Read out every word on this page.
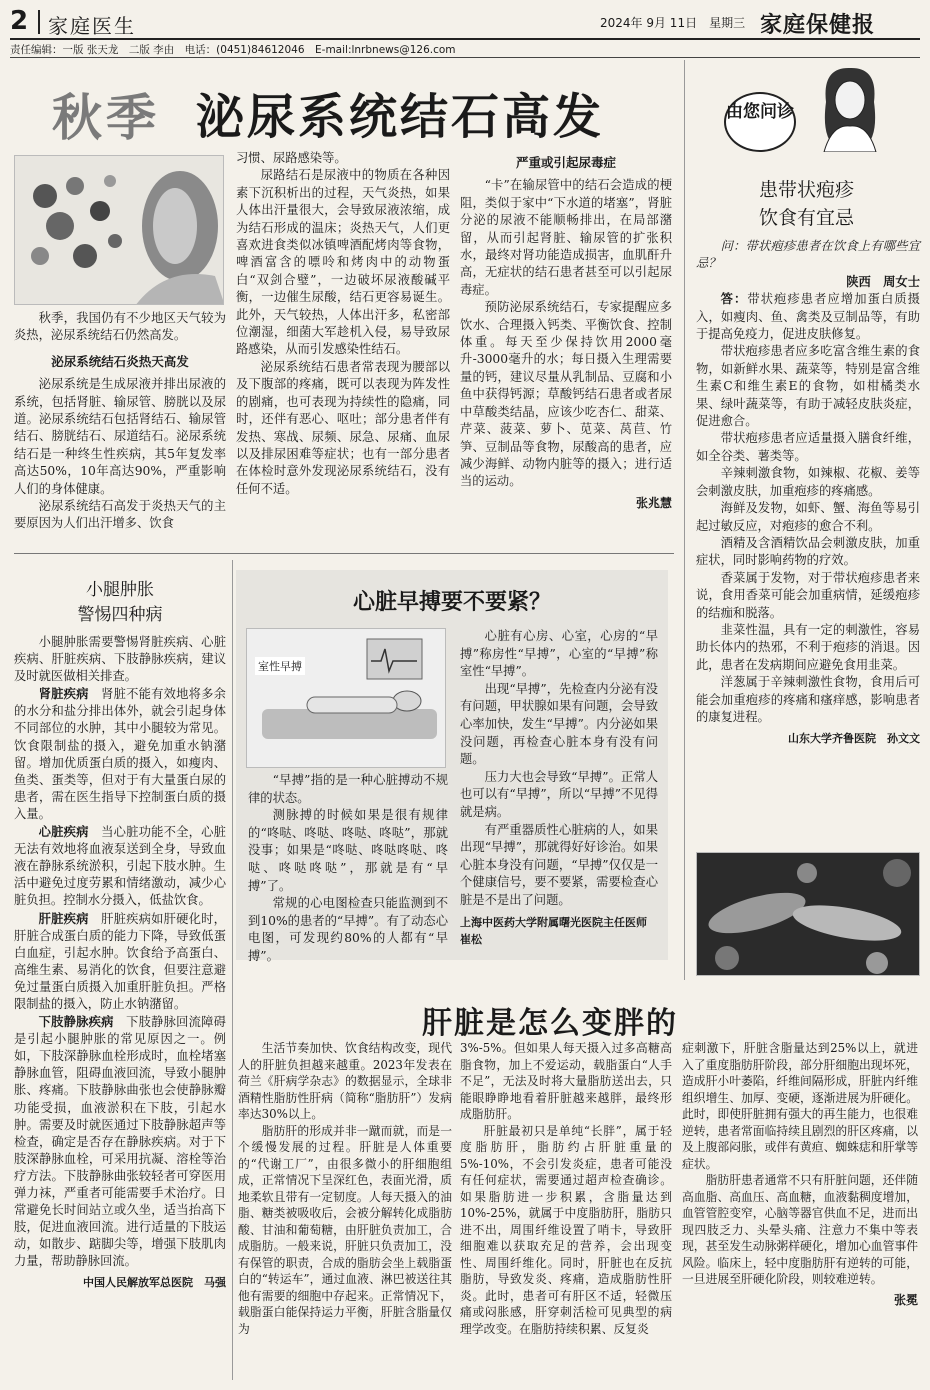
2 家庭医生	2024年 9月 11日　星期三 家庭保健报
责任编辑：一版 张天龙　二版 李由　电话：(0451)84612046　E-mail:lnrbnews@126.com
秋季 泌尿系统结石高发

秋季，我国仍有不少地区天气较为炎热，泌尿系统结石仍然高发。

泌尿系统结石炎热天高发

泌尿系统是生成尿液并排出尿液的系统，包括肾脏、输尿管、膀胱以及尿道。泌尿系统结石包括肾结石、输尿管结石、膀胱结石、尿道结石。泌尿系统结石是一种终生性疾病，其5年复发率高达50%，10年高达90%，严重影响人们的身体健康。

泌尿系统结石高发于炎热天气的主要原因为人们出汗增多、饮食

习惯、尿路感染等。

尿路结石是尿液中的物质在各种因素下沉积析出的过程，天气炎热，如果人体出汗量很大，会导致尿液浓缩，成为结石形成的温床；炎热天气，人们更喜欢进食类似冰镇啤酒配烤肉等食物，啤酒富含的嘌呤和烤肉中的动物蛋白“双剑合璧”，一边破坏尿液酸碱平衡，一边催生尿酸，结石更容易诞生。此外，天气较热，人体出汗多，私密部位潮湿，细菌大军趁机入侵，易导致尿路感染，从而引发感染性结石。

泌尿系统结石患者常表现为腰部以及下腹部的疼痛，既可以表现为阵发性的剧痛，也可表现为持续性的隐痛，同时，还伴有恶心、呕吐；部分患者伴有发热、寒战、尿频、尿急、尿痛、血尿以及排尿困难等症状；也有一部分患者在体检时意外发现泌尿系统结石，没有任何不适。

严重或引起尿毒症

“卡”在输尿管中的结石会造成的梗阻，类似于家中“下水道的堵塞”，肾脏分泌的尿液不能顺畅排出，在局部潴留，从而引起肾脏、输尿管的扩张积水，最终对肾功能造成损害，血肌酐升高，无症状的结石患者甚至可以引起尿毒症。

预防泌尿系统结石，专家提醒应多饮水、合理摄入钙类、平衡饮食、控制体重。每天至少保持饮用2000毫升-3000毫升的水；每日摄入生理需要量的钙，建议尽量从乳制品、豆腐和小鱼中获得钙源；草酸钙结石患者或者尿中草酸类结晶，应该少吃杏仁、甜菜、芹菜、菠菜、萝卜、苋菜、莴苣、竹笋、豆制品等食物，尿酸高的患者，应减少海鲜、动物内脏等的摄入；进行适当的运动。

张兆慧
由您问诊
患带状疱疹
饮食有宜忌

问：带状疱疹患者在饮食上有哪些宜忌？

陕西　周女士

答：带状疱疹患者应增加蛋白质摄入，如瘦肉、鱼、禽类及豆制品等，有助于提高免疫力，促进皮肤修复。

带状疱疹患者应多吃富含维生素的食物，如新鲜水果、蔬菜等，特别是富含维生素C和维生素E的食物，如柑橘类水果、绿叶蔬菜等，有助于减轻皮肤炎症，促进愈合。

带状疱疹患者应适量摄入膳食纤维，如全谷类、薯类等。

辛辣刺激食物，如辣椒、花椒、姜等会刺激皮肤，加重疱疹的疼痛感。

海鲜及发物，如虾、蟹、海鱼等易引起过敏反应，对疱疹的愈合不利。

酒精及含酒精饮品会刺激皮肤，加重症状，同时影响药物的疗效。

香菜属于发物，对于带状疱疹患者来说，食用香菜可能会加重病情，延缓疱疹的结痂和脱落。

韭菜性温，具有一定的刺激性，容易助长体内的热邪，不利于疱疹的消退。因此，患者在发病期间应避免食用韭菜。

洋葱属于辛辣刺激性食物，食用后可能会加重疱疹的疼痛和瘙痒感，影响患者的康复进程。

山东大学齐鲁医院　孙文文
小腿肿胀
警惕四种病

小腿肿胀需要警惕肾脏疾病、心脏疾病、肝脏疾病、下肢静脉疾病，建议及时就医做相关排查。

肾脏疾病　 肾脏不能有效地将多余的水分和盐分排出体外，就会引起身体不同部位的水肿，其中小腿较为常见。饮食限制盐的摄入，避免加重水钠潴留。增加优质蛋白质的摄入，如瘦肉、鱼类、蛋类等，但对于有大量蛋白尿的患者，需在医生指导下控制蛋白质的摄入量。

心脏疾病　 当心脏功能不全，心脏无法有效地将血液泵送到全身，导致血液在静脉系统淤积，引起下肢水肿。生活中避免过度劳累和情绪激动，减少心脏负担。控制水分摄入，低盐饮食。

肝脏疾病　 肝脏疾病如肝硬化时，肝脏合成蛋白质的能力下降，导致低蛋白血症，引起水肿。饮食给予高蛋白、高维生素、易消化的饮食，但要注意避免过量蛋白质摄入加重肝脏负担。严格限制盐的摄入，防止水钠潴留。

下肢静脉疾病　 下肢静脉回流障碍是引起小腿肿胀的常见原因之一。例如，下肢深静脉血栓形成时，血栓堵塞静脉血管，阻碍血液回流，导致小腿肿胀、疼痛。下肢静脉曲张也会使静脉瓣功能受损，血液淤积在下肢，引起水肿。需要及时就医通过下肢静脉超声等检查，确定是否存在静脉疾病。对于下肢深静脉血栓，可采用抗凝、溶栓等治疗方法。下肢静脉曲张较轻者可穿医用弹力袜，严重者可能需要手术治疗。日常避免长时间站立或久坐，适当抬高下肢，促进血液回流。进行适量的下肢运动，如散步、踮脚尖等，增强下肢肌肉力量，帮助静脉回流。

中国人民解放军总医院　马强
心脏早搏要不要紧？
室性早搏

“早搏”指的是一种心脏搏动不规律的状态。

测脉搏的时候如果是很有规律的“咚哒、咚哒、咚哒、咚哒”，那就没事；如果是“咚哒、咚哒咚哒、咚哒、咚哒咚哒”，那就是有“早搏”了。

常规的心电图检查只能监测到不到10%的患者的“早搏”。有了动态心电图，可发现约80%的人都有“早搏”。

心脏有心房、心室，心房的“早搏”称房性“早搏”，心室的“早搏”称室性“早搏”。

出现“早搏”，先检查内分泌有没有问题，甲状腺如果有问题，会导致心率加快，发生“早搏”。内分泌如果没问题，再检查心脏本身有没有问题。

压力大也会导致“早搏”。正常人也可以有“早搏”，所以“早搏”不见得就是病。

有严重器质性心脏病的人，如果出现“早搏”，那就得好好诊治。如果心脏本身没有问题，“早搏”仅仅是一个健康信号，要不要紧，需要检查心脏是不是出了问题。

上海中医药大学附属曙光医院主任医师　崔松
肝脏是怎么变胖的

生活节奏加快、饮食结构改变，现代人的肝脏负担越来越重。2023年发表在荷兰《肝病学杂志》的数据显示，全球非酒精性脂肪性肝病（简称“脂肪肝”）发病率达30%以上。

脂肪肝的形成并非一蹴而就，而是一个缓慢发展的过程。肝脏是人体重要的“代谢工厂”，由很多微小的肝细胞组成，正常情况下呈深红色，表面光滑，质地柔软且带有一定韧度。人每天摄入的油脂、糖类被吸收后，会被分解转化成脂肪酸、甘油和葡萄糖，由肝脏负责加工，合成脂肪。一般来说，肝脏只负责加工，没有保管的职责，合成的脂肪会坐上载脂蛋白的“转运车”，通过血液、淋巴被送往其他有需要的细胞中存起来。正常情况下，载脂蛋白能保持运力平衡，肝脏含脂量仅为

3%-5%。但如果人每天摄入过多高糖高脂食物，加上不爱运动，载脂蛋白“人手不足”，无法及时将大量脂肪送出去，只能眼睁睁地看着肝脏越来越胖，最终形成脂肪肝。

肝脏最初只是单纯“长胖”，属于轻度脂肪肝，脂肪约占肝脏重量的5%-10%，不会引发炎症，患者可能没有任何症状，需要通过超声检查确诊。如果脂肪进一步积累，含脂量达到10%-25%，就属于中度脂肪肝，脂肪只进不出，周围纤维设置了哨卡，导致肝细胞难以获取充足的营养，会出现变性、周围纤维化。同时，肝脏也在反抗脂肪，导致发炎、疼痛，造成脂肪性肝炎。此时，患者可有肝区不适，轻微压痛或闷胀感，肝穿刺活检可见典型的病理学改变。在脂肪持续积累、反复炎

症刺激下，肝脏含脂量达到25%以上，就进入了重度脂肪肝阶段，部分肝细胞出现坏死，造成肝小叶萎陷，纤维间隔形成，肝脏内纤维组织增生、加厚、变硬，逐渐进展为肝硬化。此时，即使肝脏拥有强大的再生能力，也很难逆转，患者常面临持续且剧烈的肝区疼痛，以及上腹部闷胀，或伴有黄疸、蜘蛛痣和肝掌等症状。

脂肪肝患者通常不只有肝脏问题，还伴随高血脂、高血压、高血糖，血液黏稠度增加，血管管腔变窄，心脑等器官供血不足，进而出现四肢乏力、头晕头痛、注意力不集中等表现，甚至发生动脉粥样硬化，增加心血管事件风险。临床上，轻中度脂肪肝有逆转的可能，一旦进展至肝硬化阶段，则较难逆转。

张冕
